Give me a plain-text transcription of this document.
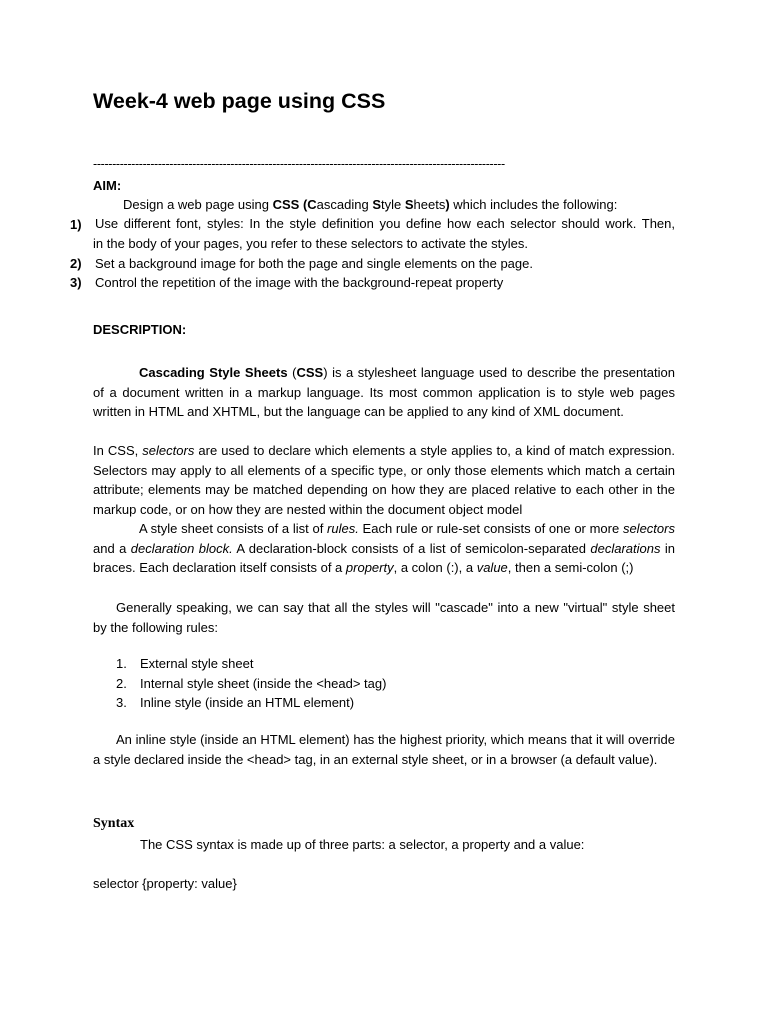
Week-4 web page using CSS
------------------------------------------------------------------------------------------------------------
AIM:
Design a web page using CSS (Cascading Style Sheets) which includes the following:
1) Use different font, styles: In the style definition you define how each selector should work. Then,
in the body of your pages, you refer to these selectors to activate the styles.
2) Set a background image for both the page and single elements on the page.
3) Control the repetition of the image with the background-repeat property
DESCRIPTION:

Cascading Style Sheets (CSS) is a stylesheet language used to describe the presentation of a document written in a markup language. Its most common application is to style web pages written in HTML and XHTML, but the language can be applied to any kind of XML document.

In CSS, selectors are used to declare which elements a style applies to, a kind of match expression. Selectors may apply to all elements of a specific type, or only those elements which match a certain attribute; elements may be matched depending on how they are placed relative to each other in the markup code, or on how they are nested within the document object model

A style sheet consists of a list of rules. Each rule or rule-set consists of one or more selectors and a declaration block. A declaration-block consists of a list of semicolon-separated declarations in braces. Each declaration itself consists of a property, a colon (:), a value, then a semi-colon (;)

Generally speaking, we can say that all the styles will "cascade" into a new "virtual" style sheet by the following rules:

1. External style sheet
2. Internal style sheet (inside the <head> tag)
3. Inline style (inside an HTML element)

An inline style (inside an HTML element) has the highest priority, which means that it will override a style declared inside the <head> tag, in an external style sheet, or in a browser (a default value).

Syntax
The CSS syntax is made up of three parts: a selector, a property and a value:
selector {property: value}
